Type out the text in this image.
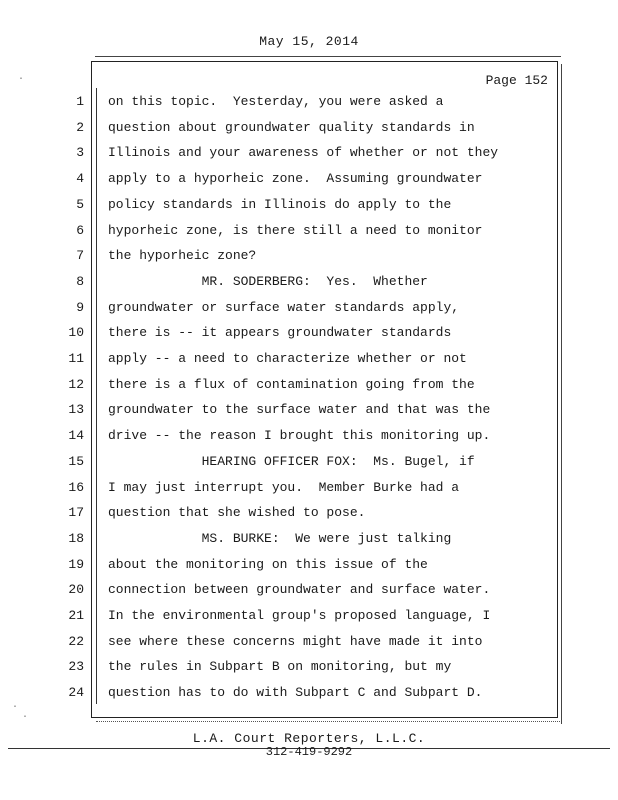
May 15, 2014
Page 152
1 on this topic.  Yesterday, you were asked a
2 question about groundwater quality standards in
3 Illinois and your awareness of whether or not they
4 apply to a hyporheic zone.  Assuming groundwater
5 policy standards in Illinois do apply to the
6 hyporheic zone, is there still a need to monitor
7 the hyporheic zone?
8 MR. SODERBERG:  Yes.  Whether
9 groundwater or surface water standards apply,
10 there is -- it appears groundwater standards
11 apply -- a need to characterize whether or not
12 there is a flux of contamination going from the
13 groundwater to the surface water and that was the
14 drive -- the reason I brought this monitoring up.
15 HEARING OFFICER FOX:  Ms. Bugel, if
16 I may just interrupt you.  Member Burke had a
17 question that she wished to pose.
18 MS. BURKE:  We were just talking
19 about the monitoring on this issue of the
20 connection between groundwater and surface water.
21 In the environmental group's proposed language, I
22 see where these concerns might have made it into
23 the rules in Subpart B on monitoring, but my
24 question has to do with Subpart C and Subpart D.
L.A. Court Reporters, L.L.C.
312-419-9292
·
·
.
